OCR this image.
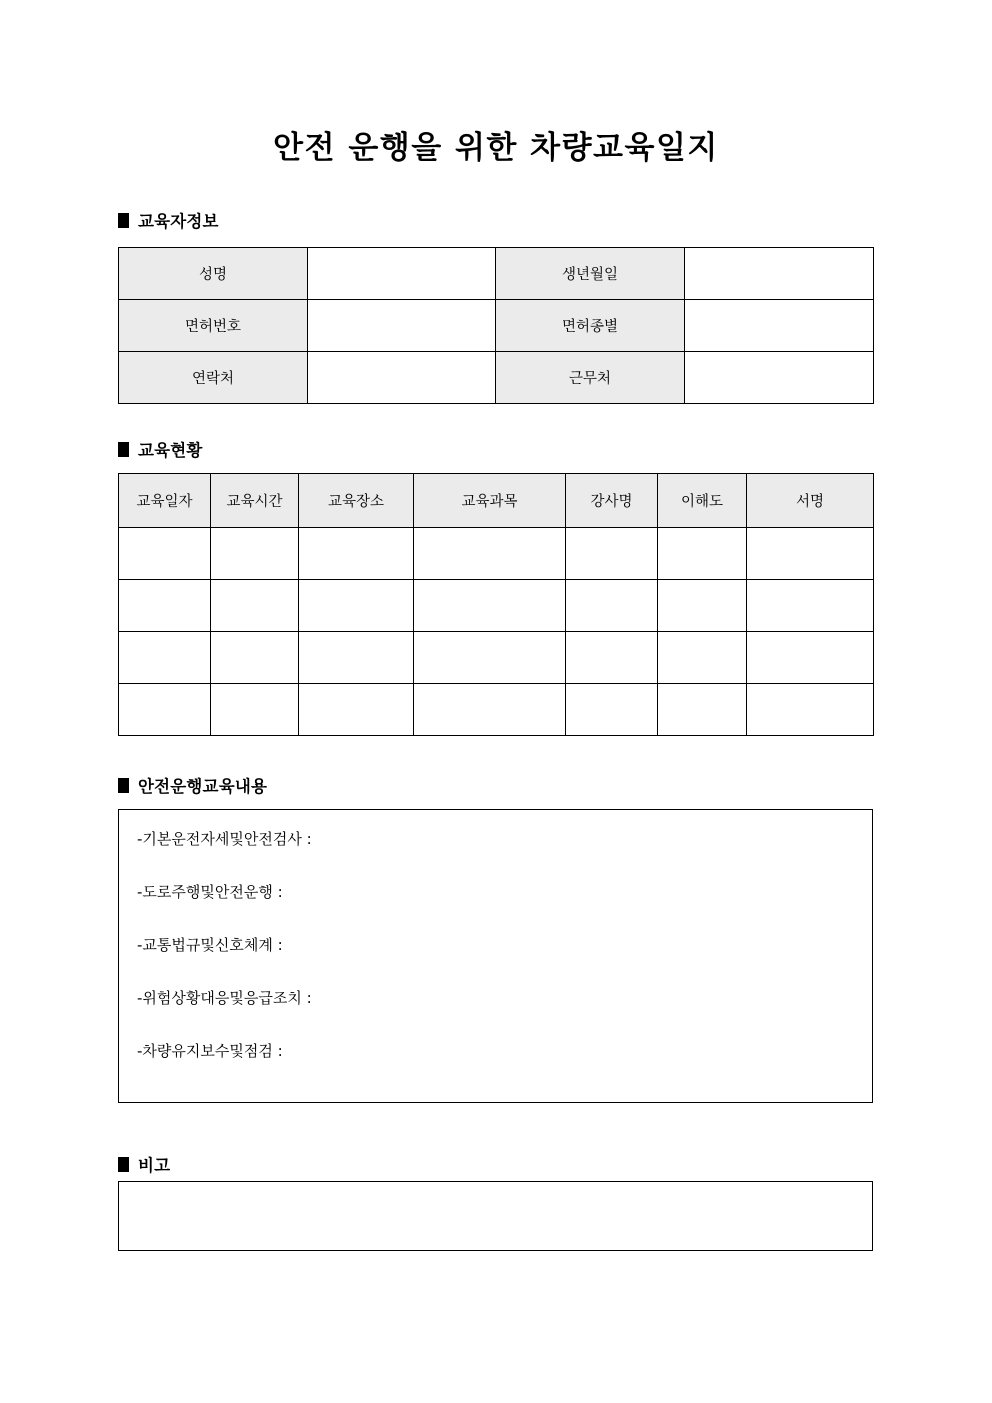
안전 운행을 위한 차량교육일지
교육자정보
성명		생년월일	
면허번호		면허종별	
연락처		근무처	
교육현황
교육일자	교육시간	교육장소	교육과목	강사명	이해도	서명

안전운행교육내용
-기본운전자세및안전검사 :
-도로주행및안전운행 :
-교통법규및신호체계 :
-위험상황대응및응급조치 :
-차량유지보수및점검 :
비고
